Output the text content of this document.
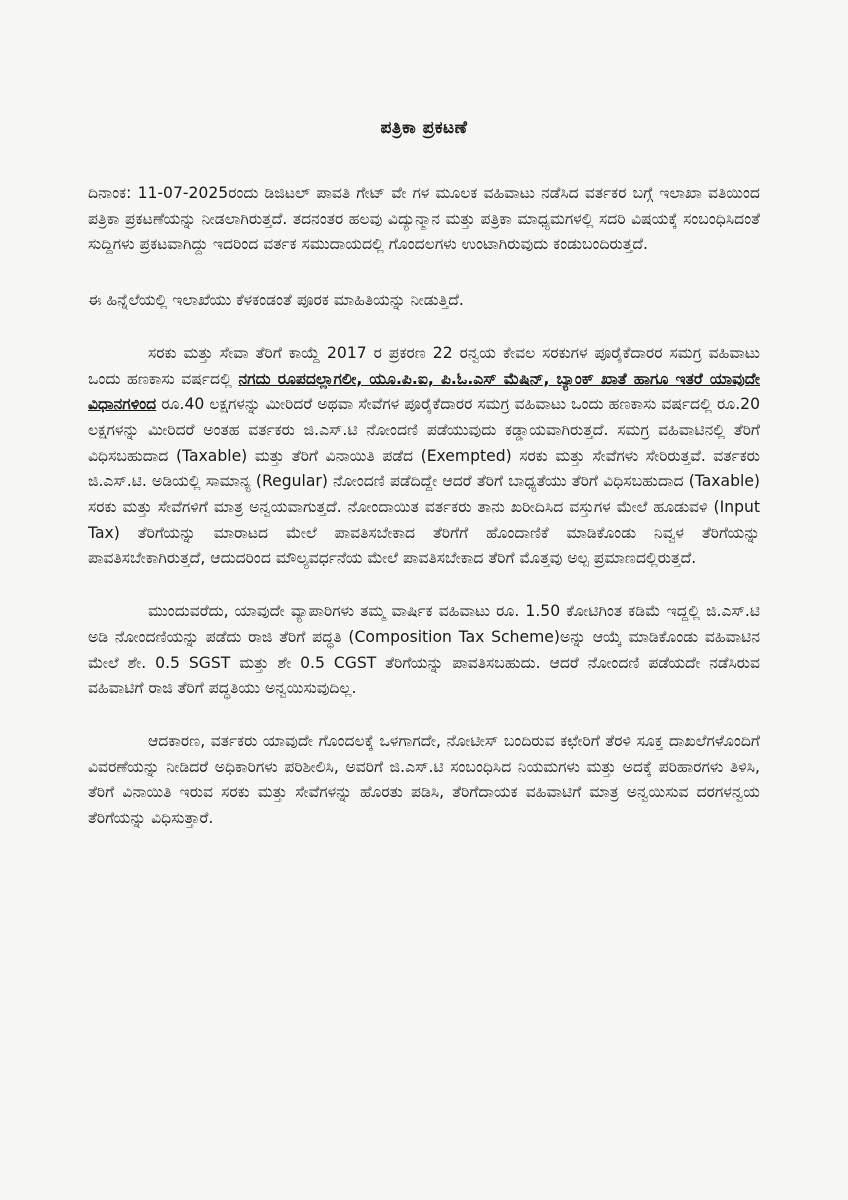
ಪತ್ರಿಕಾ ಪ್ರಕಟಣೆ

ದಿನಾಂಕ: 11-07-2025ರಂದು ಡಿಜಿಟಲ್ ಪಾವತಿ ಗೇಟ್ ವೇ ಗಳ ಮೂಲಕ ವಹಿವಾಟು ನಡೆಸಿದ ವರ್ತಕರ ಬಗ್ಗೆ ಇಲಾಖಾ ವತಿಯಿಂದ ಪತ್ರಿಕಾ ಪ್ರಕಟಣೆಯನ್ನು ನೀಡಲಾಗಿರುತ್ತದೆ. ತದನಂತರ ಹಲವು ವಿದ್ಯುನ್ಮಾನ ಮತ್ತು ಪತ್ರಿಕಾ ಮಾಧ್ಯಮಗಳಲ್ಲಿ ಸದರಿ ವಿಷಯಕ್ಕೆ ಸಂಬಂಧಿಸಿದಂತೆ ಸುದ್ದಿಗಳು ಪ್ರಕಟವಾಗಿದ್ದು ಇದರಿಂದ ವರ್ತಕ ಸಮುದಾಯದಲ್ಲಿ ಗೊಂದಲಗಳು ಉಂಟಾಗಿರುವುದು ಕಂಡುಬಂದಿರುತ್ತದೆ.

ಈ ಹಿನ್ನೆಲೆಯಲ್ಲಿ ಇಲಾಖೆಯು ಕೆಳಕಂಡಂತೆ ಪೂರಕ ಮಾಹಿತಿಯನ್ನು ನೀಡುತ್ತಿದೆ.

ಸರಕು ಮತ್ತು ಸೇವಾ ತೆರಿಗೆ ಕಾಯ್ದೆ 2017 ರ ಪ್ರಕರಣ 22 ರನ್ವಯ ಕೇವಲ ಸರಕುಗಳ ಪೂರೈಕೆದಾರರ ಸಮಗ್ರ ವಹಿವಾಟು ಒಂದು ಹಣಕಾಸು ವರ್ಷದಲ್ಲಿ ನಗದು ರೂಪದಲ್ಲಾಗಲೀ, ಯೂ.ಪಿ.ಐ, ಪಿ.ಓ.ಎಸ್ ಮೆಷಿನ್, ಬ್ಯಾಂಕ್ ಖಾತೆ ಹಾಗೂ ಇತರೆ ಯಾವುದೇ ವಿಧಾನಗಳಿಂದ ರೂ.40 ಲಕ್ಷಗಳನ್ನು ಮೀರಿದರೆ ಅಥವಾ ಸೇವೆಗಳ ಪೂರೈಕೆದಾರರ ಸಮಗ್ರ ವಹಿವಾಟು ಒಂದು ಹಣಕಾಸು ವರ್ಷದಲ್ಲಿ ರೂ.20 ಲಕ್ಷಗಳನ್ನು ಮೀರಿದರೆ ಅಂತಹ ವರ್ತಕರು ಜಿ.ಎಸ್.ಟಿ ನೋಂದಣಿ ಪಡೆಯುವುದು ಕಡ್ಡಾಯವಾಗಿರುತ್ತದೆ. ಸಮಗ್ರ ವಹಿವಾಟಿನಲ್ಲಿ ತೆರಿಗೆ ವಿಧಿಸಬಹುದಾದ (Taxable) ಮತ್ತು ತೆರಿಗೆ ವಿನಾಯಿತಿ ಪಡೆದ (Exempted) ಸರಕು ಮತ್ತು ಸೇವೆಗಳು ಸೇರಿರುತ್ತವೆ. ವರ್ತಕರು ಜಿ.ಎಸ್.ಟಿ. ಅಡಿಯಲ್ಲಿ ಸಾಮಾನ್ಯ (Regular) ನೋಂದಣಿ ಪಡೆದಿದ್ದೇ ಆದರೆ ತೆರಿಗೆ ಬಾಧ್ಯತೆಯು ತೆರಿಗೆ ವಿಧಿಸಬಹುದಾದ (Taxable) ಸರಕು ಮತ್ತು ಸೇವೆಗಳಿಗೆ ಮಾತ್ರ ಅನ್ವಯವಾಗುತ್ತದೆ. ನೋಂದಾಯಿತ ವರ್ತಕರು ತಾನು ಖರೀದಿಸಿದ ವಸ್ತುಗಳ ಮೇಲೆ ಹೂಡುವಳಿ (Input Tax) ತೆರಿಗೆಯನ್ನು ಮಾರಾಟದ ಮೇಲೆ ಪಾವತಿಸಬೇಕಾದ ತೆರಿಗೆಗೆ ಹೊಂದಾಣಿಕೆ ಮಾಡಿಕೊಂಡು ನಿವ್ವಳ ತೆರಿಗೆಯನ್ನು ಪಾವತಿಸಬೇಕಾಗಿರುತ್ತದೆ, ಆದುದರಿಂದ ಮೌಲ್ಯವರ್ಧನೆಯ ಮೇಲೆ ಪಾವತಿಸಬೇಕಾದ ತೆರಿಗೆ ಮೊತ್ತವು ಅಲ್ಪ ಪ್ರಮಾಣದಲ್ಲಿರುತ್ತದೆ.

ಮುಂದುವರೆದು, ಯಾವುದೇ ವ್ಯಾಪಾರಿಗಳು ತಮ್ಮ ವಾರ್ಷಿಕ ವಹಿವಾಟು ರೂ. 1.50 ಕೋಟಿಗಿಂತ ಕಡಿಮೆ ಇದ್ದಲ್ಲಿ ಜಿ.ಎಸ್.ಟಿ ಅಡಿ ನೋಂದಣಿಯನ್ನು ಪಡೆದು ರಾಜಿ ತೆರಿಗೆ ಪದ್ಧತಿ (Composition Tax Scheme)ಅನ್ನು ಆಯ್ಕೆ ಮಾಡಿಕೊಂಡು ವಹಿವಾಟಿನ ಮೇಲೆ ಶೇ. 0.5 SGST ಮತ್ತು ಶೇ 0.5 CGST ತೆರಿಗೆಯನ್ನು ಪಾವತಿಸಬಹುದು. ಆದರೆ ನೋಂದಣಿ ಪಡೆಯದೇ ನಡೆಸಿರುವ ವಹಿವಾಟಿಗೆ ರಾಜಿ ತೆರಿಗೆ ಪದ್ಧತಿಯು ಅನ್ವಯಿಸುವುದಿಲ್ಲ.

ಆದಕಾರಣ, ವರ್ತಕರು ಯಾವುದೇ ಗೊಂದಲಕ್ಕೆ ಒಳಗಾಗದೇ, ನೋಟೀಸ್ ಬಂದಿರುವ ಕಛೇರಿಗೆ ತೆರಳಿ ಸೂಕ್ತ ದಾಖಲೆಗಳೊಂದಿಗೆ ವಿವರಣೆಯನ್ನು ನೀಡಿದರೆ ಅಧಿಕಾರಿಗಳು ಪರಿಶೀಲಿಸಿ, ಅವರಿಗೆ ಜಿ.ಎಸ್.ಟಿ ಸಂಬಂಧಿಸಿದ ನಿಯಮಗಳು ಮತ್ತು ಅದಕ್ಕೆ ಪರಿಹಾರಗಳು ತಿಳಿಸಿ, ತೆರಿಗೆ ವಿನಾಯಿತಿ ಇರುವ ಸರಕು ಮತ್ತು ಸೇವೆಗಳನ್ನು ಹೊರತು ಪಡಿಸಿ, ತೆರಿಗೆದಾಯಕ ವಹಿವಾಟಿಗೆ ಮಾತ್ರ ಅನ್ವಯಿಸುವ ದರಗಳನ್ವಯ ತೆರಿಗೆಯನ್ನು ವಿಧಿಸುತ್ತಾರೆ.
